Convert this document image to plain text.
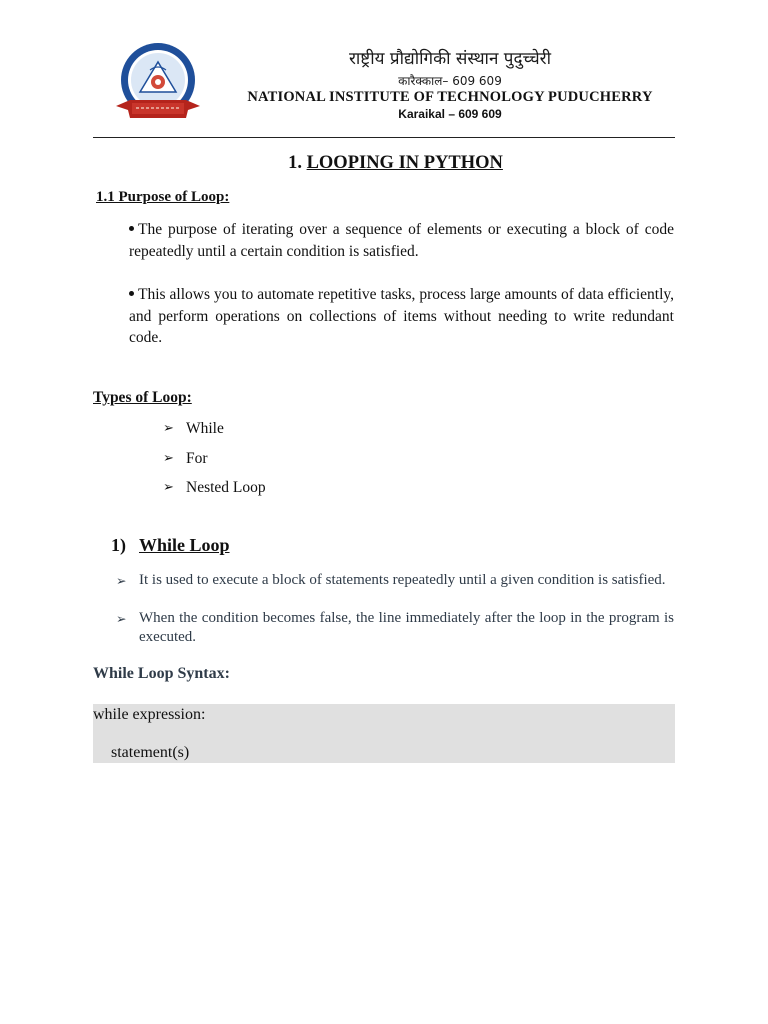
राष्ट्रीय प्रौद्योगिकी संस्थान पुदुच्चेरी
कारैक्काल– 609 609
NATIONAL INSTITUTE OF TECHNOLOGY PUDUCHERRY
Karaikal – 609 609
1. LOOPING IN PYTHON
1.1 Purpose of Loop:
The purpose of iterating over a sequence of elements or executing a block of code repeatedly until a certain condition is satisfied.
This allows you to automate repetitive tasks, process large amounts of data efficiently, and perform operations on collections of items without needing to write redundant code.
Types of Loop:
➢ While
➢ For
➢ Nested Loop
1) While Loop
➢ It is used to execute a block of statements repeatedly until a given condition is satisfied.
➢ When the condition becomes false, the line immediately after the loop in the program is executed.
While Loop Syntax:
while expression:
statement(s)
